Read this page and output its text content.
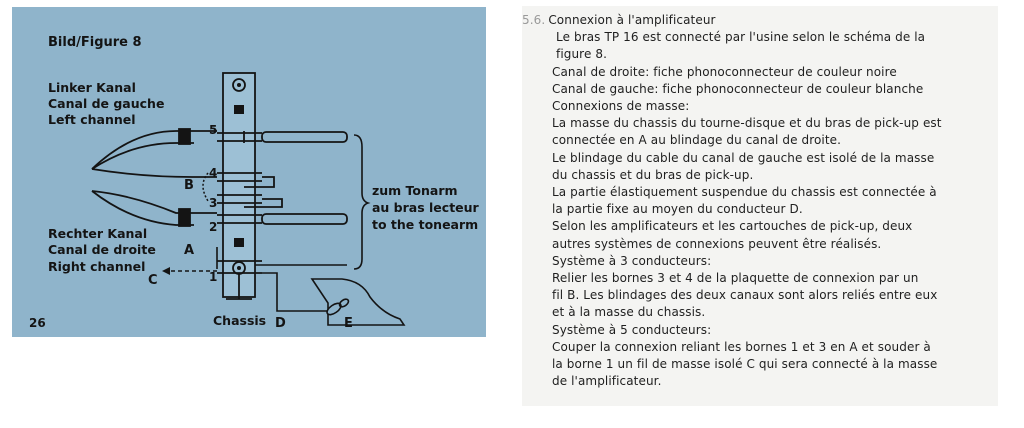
Bild/Figure 8
Linker Kanal
Canal de gauche
Left channel
Rechter Kanal
Canal de droite
Right channel
zum Tonarm
au bras lecteur
to the tonearm
5
4
3
2
1
B
A
C
Chassis D	E
26
5.6. Connexion à l'amplificateur
Le bras TP 16 est connecté par l'usine selon le schéma de la
figure 8.
Canal de droite: fiche phonoconnecteur de couleur noire
Canal de gauche: fiche phonoconnecteur de couleur blanche
Connexions de masse:
La masse du chassis du tourne-disque et du bras de pick-up est
connectée en A au blindage du canal de droite.
Le blindage du cable du canal de gauche est isolé de la masse
du chassis et du bras de pick-up.
La partie élastiquement suspendue du chassis est connectée à
la partie fixe au moyen du conducteur D.
Selon les amplificateurs et les cartouches de pick-up, deux
autres systèmes de connexions peuvent être réalisés.
Système à 3 conducteurs:
Relier les bornes 3 et 4 de la plaquette de connexion par un
fil B. Les blindages des deux canaux sont alors reliés entre eux
et à la masse du chassis.
Système à 5 conducteurs:
Couper la connexion reliant les bornes 1 et 3 en A et souder à
la borne 1 un fil de masse isolé C qui sera connecté à la masse
de l'amplificateur.
